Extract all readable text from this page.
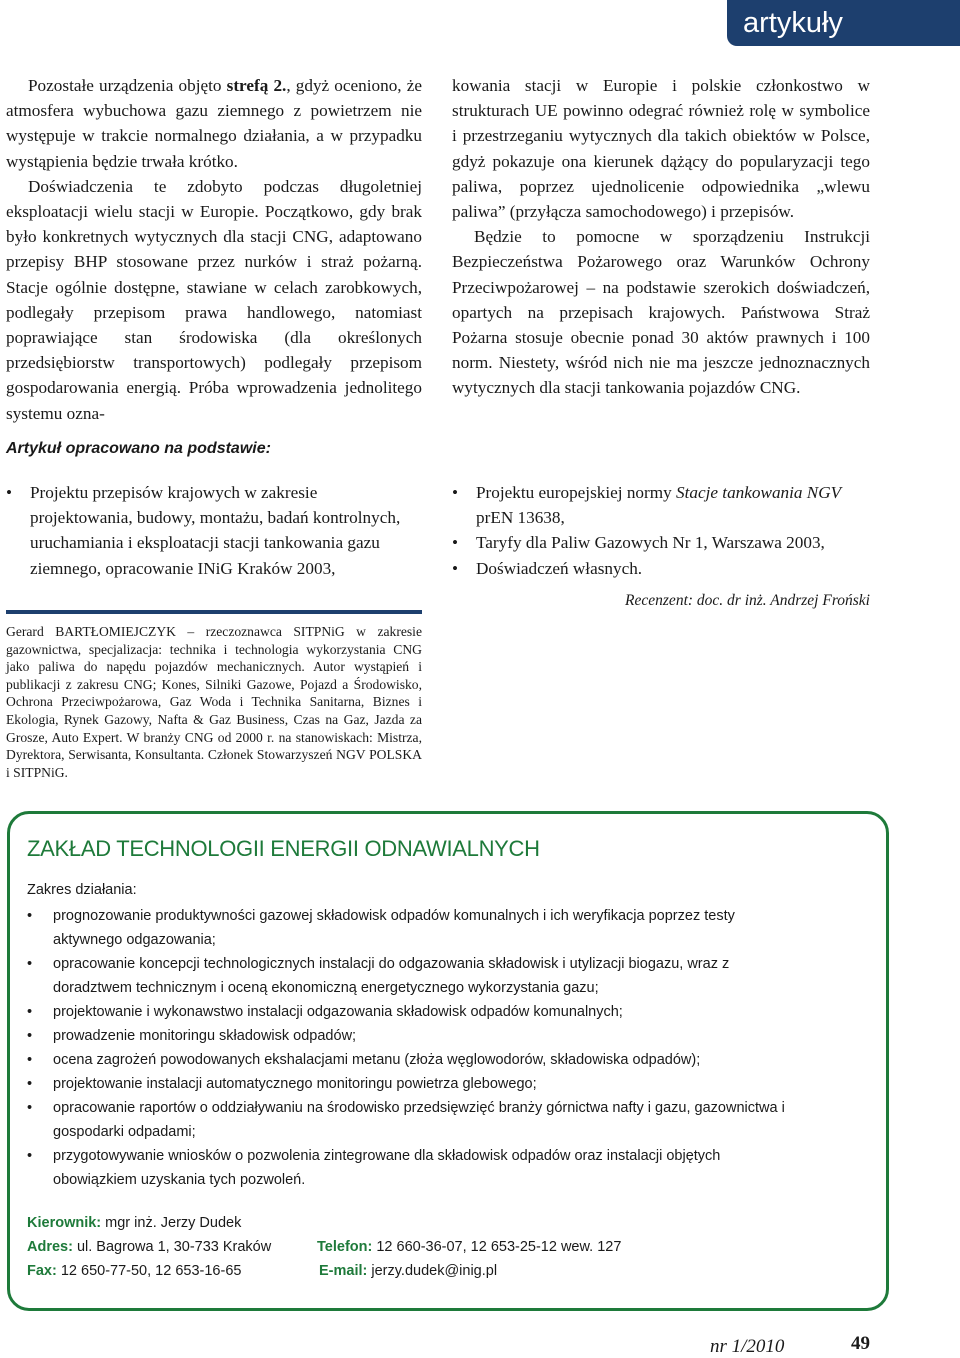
artykuły

Pozostałe urządzenia objęto strefą 2., gdyż oceniono, że atmosfera wybuchowa gazu ziemnego z powietrzem nie występuje w trakcie normalnego działania, a w przypadku wystąpienia będzie trwała krótko.

Doświadczenia te zdobyto podczas długoletniej eksploatacji wielu stacji w Europie. Początkowo, gdy brak było konkretnych wytycznych dla stacji CNG, adaptowano przepisy BHP stosowane przez nurków i straż pożarną. Stacje ogólnie dostępne, stawiane w celach zarobkowych, podlegały przepisom prawa handlowego, natomiast poprawiające stan środowiska (dla określonych przedsiębiorstw transportowych) podlegały przepisom gospodarowania energią. Próba wprowadzenia jednolitego systemu ozna-

kowania stacji w Europie i polskie członkostwo w strukturach UE powinno odegrać również rolę w symbolice i przestrzeganiu wytycznych dla takich obiektów w Polsce, gdyż pokazuje ona kierunek dążący do popularyzacji tego paliwa, poprzez ujednolicenie odpowiednika „wlewu paliwa” (przyłącza samochodowego) i przepisów.

Będzie to pomocne w sporządzeniu Instrukcji Bezpieczeństwa Pożarowego oraz Warunków Ochrony Przeciwpożarowej – na podstawie szerokich doświadczeń, opartych na przepisach krajowych. Państwowa Straż Pożarna stosuje obecnie ponad 30 aktów prawnych i 100 norm. Niestety, wśród nich nie ma jeszcze jednoznacznych wytycznych dla stacji tankowania pojazdów CNG.

Artykuł opracowano na podstawie:
• Projektu przepisów krajowych w zakresie projektowania, budowy, montażu, badań kontrolnych, uruchamiania i eksploatacji stacji tankowania gazu ziemnego, opracowanie INiG Kraków 2003,
• Projektu europejskiej normy Stacje tankowania NGV prEN 13638,
• Taryfy dla Paliw Gazowych Nr 1, Warszawa 2003,
• Doświadczeń własnych.
Recenzent: doc. dr inż. Andrzej Froński

Gerard BARTŁOMIEJCZYK – rzeczoznawca SITPNiG w zakresie gazownictwa, specjalizacja: technika i technologia wykorzystania CNG jako paliwa do napędu pojazdów mechanicznych. Autor wystąpień i publikacji z zakresu CNG; Kones, Silniki Gazowe, Pojazd a Środowisko, Ochrona Przeciwpożarowa, Gaz Woda i Technika Sanitarna, Biznes i Ekologia, Rynek Gazowy, Nafta & Gaz Business, Czas na Gaz, Jazda za Grosze, Auto Expert. W branży CNG od 2000 r. na stanowiskach: Mistrza, Dyrektora, Serwisanta, Konsultanta. Członek Stowarzyszeń NGV POLSKA i SITPNiG.

ZAKŁAD TECHNOLOGII ENERGII ODNAWIALNYCH
Zakres działania:
• prognozowanie produktywności gazowej składowisk odpadów komunalnych i ich weryfikacja poprzez testy aktywnego odgazowania;
• opracowanie koncepcji technologicznych instalacji do odgazowania składowisk i utylizacji biogazu, wraz z doradztwem technicznym i oceną ekonomiczną energetycznego wykorzystania gazu;
• projektowanie i wykonawstwo instalacji odgazowania składowisk odpadów komunalnych;
• prowadzenie monitoringu składowisk odpadów;
• ocena zagrożeń powodowanych ekshalacjami metanu (złoża węglowodorów, składowiska odpadów);
• projektowanie instalacji automatycznego monitoringu powietrza glebowego;
• opracowanie raportów o oddziaływaniu na środowisko przedsięwzięć branży górnictwa nafty i gazu, gazownictwa i gospodarki odpadami;
• przygotowywanie wniosków o pozwolenia zintegrowane dla składowisk odpadów oraz instalacji objętych obowiązkiem uzyskania tych pozwoleń.
Kierownik: mgr inż. Jerzy Dudek
Adres: ul. Bagrowa 1, 30-733 Kraków	Telefon: 12 660-36-07, 12 653-25-12 wew. 127
Fax: 12 650-77-50, 12 653-16-65	E-mail: jerzy.dudek@inig.pl
nr 1/2010	49
